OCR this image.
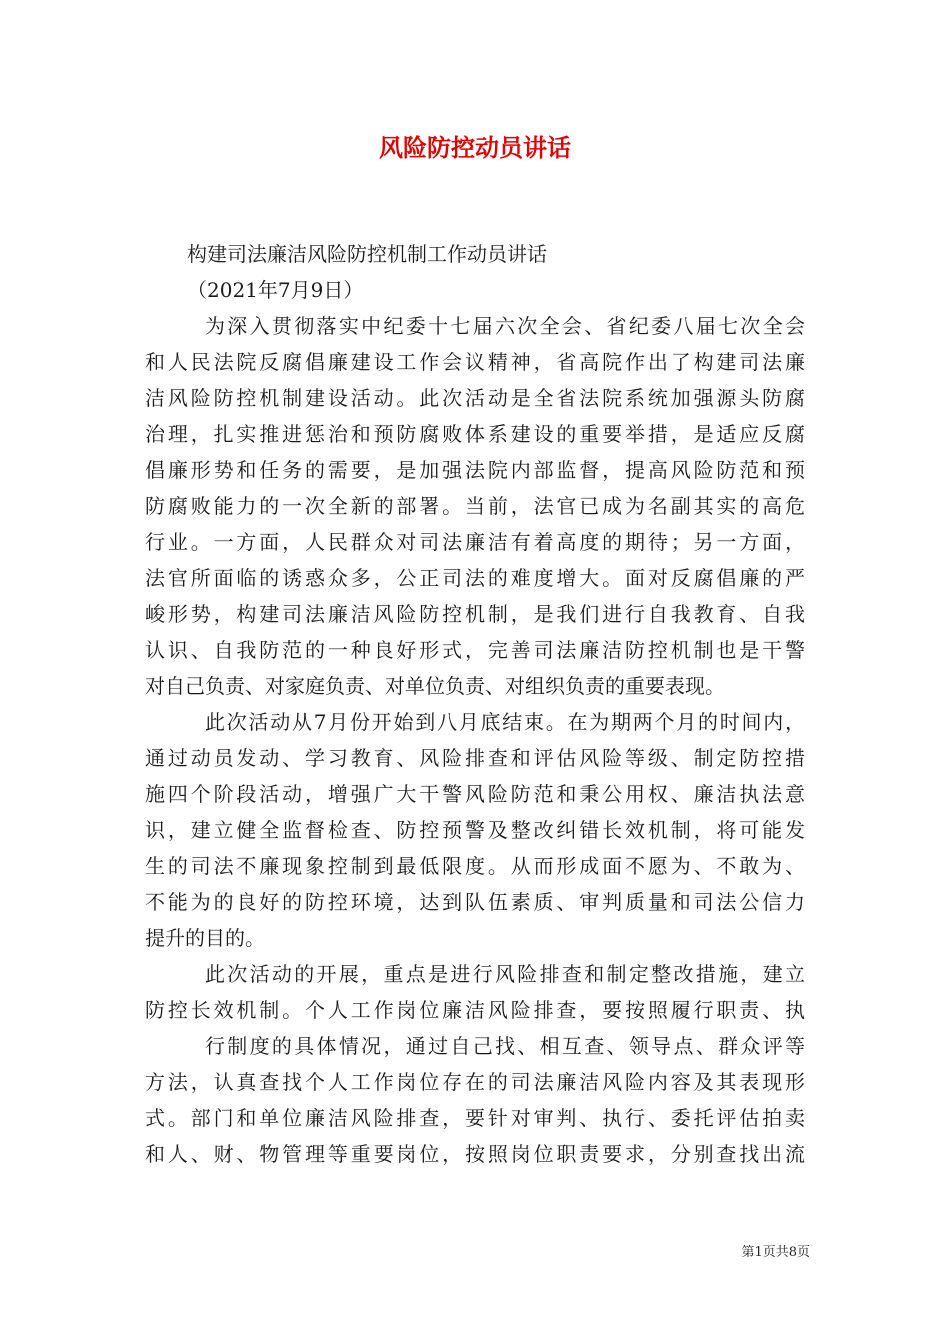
风险防控动员讲话
构建司法廉洁风险防控机制工作动员讲话
（2021年7月9日）
为深入贯彻落实中纪委十七届六次全会、省纪委八届七次全会
和人民法院反腐倡廉建设工作会议精神，省高院作出了构建司法廉
洁风险防控机制建设活动。此次活动是全省法院系统加强源头防腐
治理，扎实推进惩治和预防腐败体系建设的重要举措，是适应反腐
倡廉形势和任务的需要，是加强法院内部监督，提高风险防范和预
防腐败能力的一次全新的部署。当前，法官已成为名副其实的高危
行业。一方面，人民群众对司法廉洁有着高度的期待；另一方面，
法官所面临的诱惑众多，公正司法的难度增大。面对反腐倡廉的严
峻形势，构建司法廉洁风险防控机制，是我们进行自我教育、自我
认识、自我防范的一种良好形式，完善司法廉洁防控机制也是干警
对自己负责、对家庭负责、对单位负责、对组织负责的重要表现。
此次活动从7月份开始到八月底结束。在为期两个月的时间内，
通过动员发动、学习教育、风险排查和评估风险等级、制定防控措
施四个阶段活动，增强广大干警风险防范和秉公用权、廉洁执法意
识，建立健全监督检查、防控预警及整改纠错长效机制，将可能发
生的司法不廉现象控制到最低限度。从而形成面不愿为、不敢为、
不能为的良好的防控环境，达到队伍素质、审判质量和司法公信力
提升的目的。
此次活动的开展，重点是进行风险排查和制定整改措施，建立
防控长效机制。个人工作岗位廉洁风险排查，要按照履行职责、执
行制度的具体情况，通过自己找、相互查、领导点、群众评等
方法，认真查找个人工作岗位存在的司法廉洁风险内容及其表现形
式。部门和单位廉洁风险排查，要针对审判、执行、委托评估拍卖
和人、财、物管理等重要岗位，按照岗位职责要求，分别查找出流
第1页共8页
